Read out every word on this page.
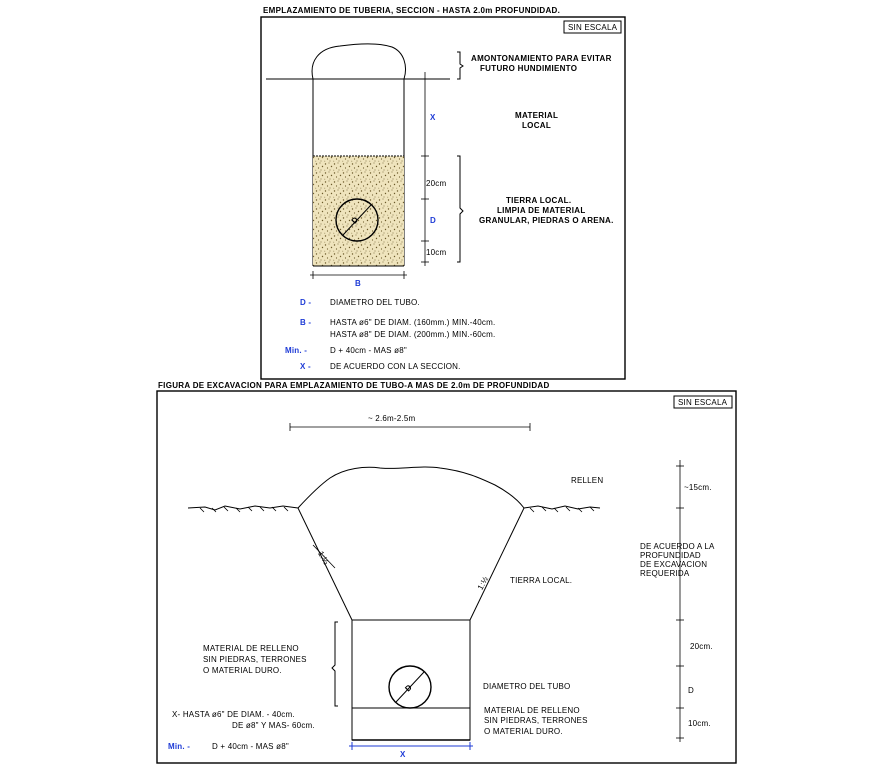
EMPLAZAMIENTO DE TUBERIA, SECCION - HASTA 2.0m PROFUNDIDAD.
SIN ESCALA
D
B
X
20cm
D
10cm
AMONTONAMIENTO PARA EVITAR
FUTURO HUNDIMIENTO
MATERIAL
LOCAL
TIERRA LOCAL.
LIMPIA DE MATERIAL
GRANULAR, PIEDRAS O ARENA.
D - DIAMETRO DEL TUBO.
B - HASTA ø6" DE DIAM. (160mm.) MIN.-40cm.
HASTA ø8" DE DIAM. (200mm.) MIN.-60cm.
Min. -	D + 40cm - MAS ø8"
X - DE ACUERDO CON LA SECCION.
FIGURA DE EXCAVACION PARA EMPLAZAMIENTO DE TUBO-A MAS DE 2.0m DE PROFUNDIDAD
SIN ESCALA
~ 2.6m-2.5m
1:½
1:½
D
X
RELLEN
~15cm.
DE ACUERDO A LA
PROFUNDIDAD
DE EXCAVACION
REQUERIDA
TIERRA LOCAL.
MATERIAL DE RELLENO
SIN PIEDRAS, TERRONES
O MATERIAL DURO.
20cm.
D
10cm.
DIAMETRO DEL TUBO
MATERIAL DE RELLENO
SIN PIEDRAS, TERRONES
O MATERIAL DURO.
X- HASTA ø6" DE DIAM. - 40cm.
DE ø8" Y MAS- 60cm.
Min. -	D + 40cm - MAS ø8"
